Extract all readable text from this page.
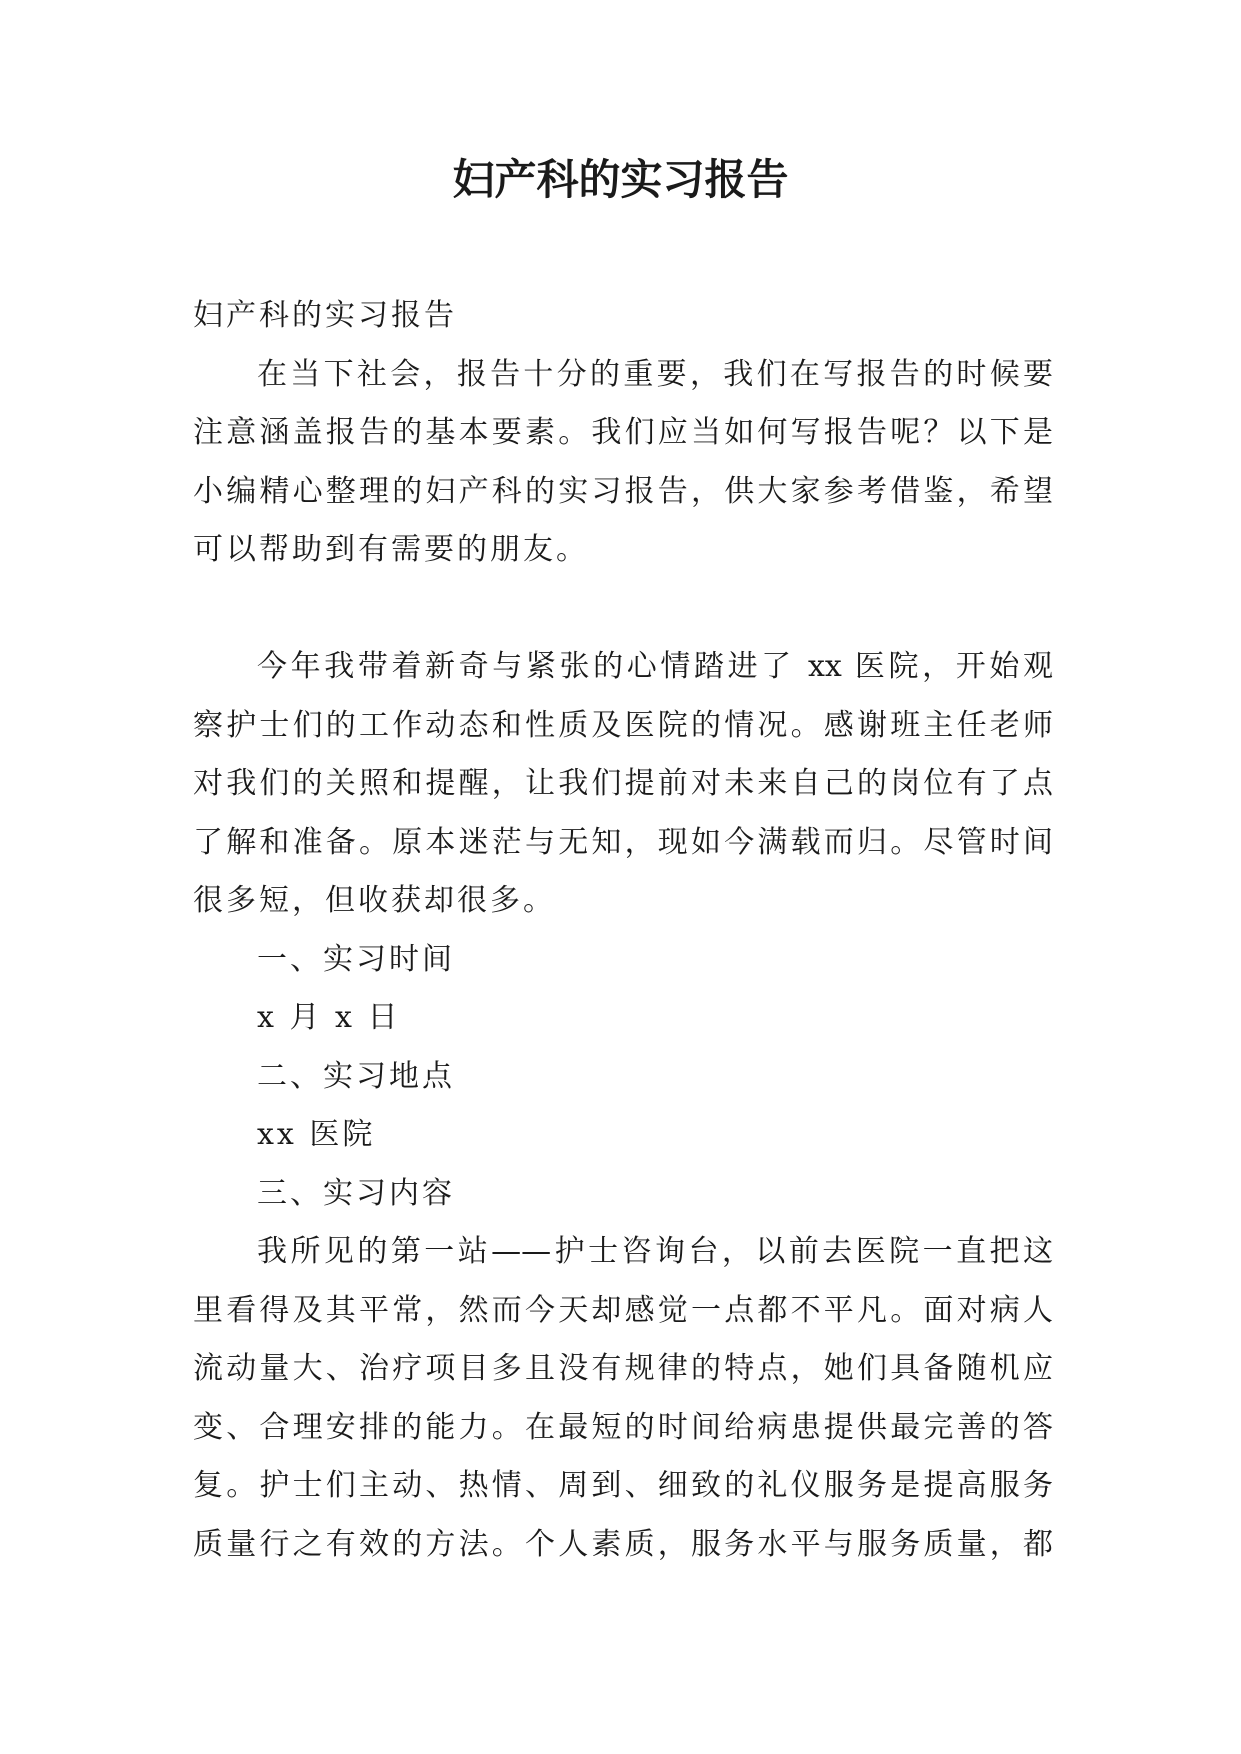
妇产科的实习报告
妇产科的实习报告
在当下社会，报告十分的重要，我们在写报告的时候要
注意涵盖报告的基本要素。我们应当如何写报告呢？以下是
小编精心整理的妇产科的实习报告，供大家参考借鉴，希望
可以帮助到有需要的朋友。
今年我带着新奇与紧张的心情踏进了 xx 医院，开始观
察护士们的工作动态和性质及医院的情况。感谢班主任老师
对我们的关照和提醒，让我们提前对未来自己的岗位有了点
了解和准备。原本迷茫与无知，现如今满载而归。尽管时间
很多短，但收获却很多。
一、实习时间
x 月 x 日
二、实习地点
xx 医院
三、实习内容
我所见的第一站——护士咨询台，以前去医院一直把这
里看得及其平常，然而今天却感觉一点都不平凡。面对病人
流动量大、治疗项目多且没有规律的特点，她们具备随机应
变、合理安排的能力。在最短的时间给病患提供最完善的答
复。护士们主动、热情、周到、细致的礼仪服务是提高服务
质量行之有效的方法。个人素质，服务水平与服务质量，都
